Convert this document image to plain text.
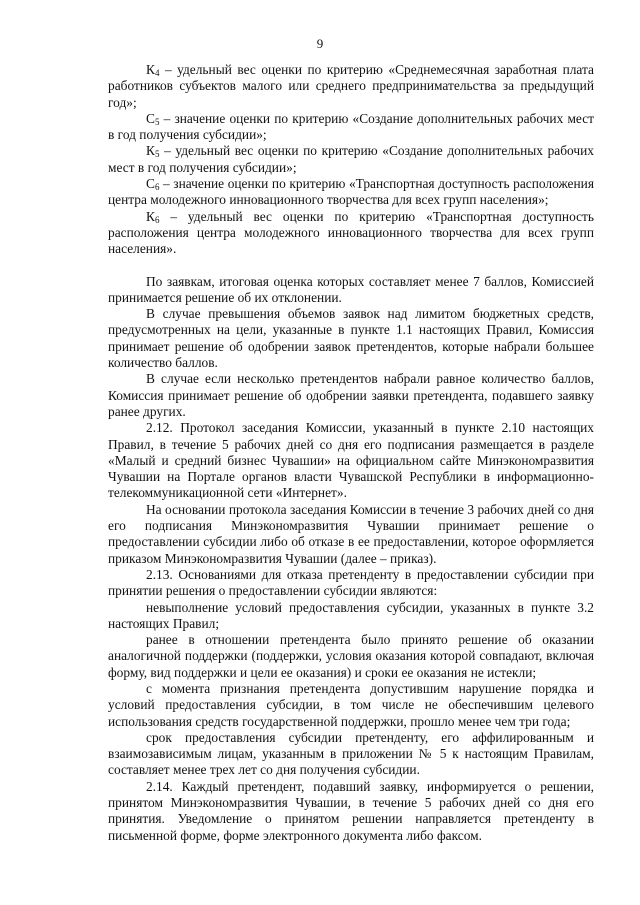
9

$К_4$ – удельный вес оценки по критерию «Среднемесячная заработная плата работников субъектов малого или среднего предпринимательства за предыдущий год»;

$С_5$ – значение оценки по критерию «Создание дополнительных рабочих мест в год получения субсидии»;

$К_5$ – удельный вес оценки по критерию «Создание дополнительных рабочих мест в год получения субсидии»;

$С_6$ – значение оценки по критерию «Транспортная доступность расположения центра молодежного инновационного творчества для всех групп населения»;

$К_6$ – удельный вес оценки по критерию «Транспортная доступность расположения центра молодежного инновационного творчества для всех групп населения».

По заявкам, итоговая оценка которых составляет менее 7 баллов, Комиссией принимается решение об их отклонении.

В случае превышения объемов заявок над лимитом бюджетных средств, предусмотренных на цели, указанные в пункте 1.1 настоящих Правил, Комиссия принимает решение об одобрении заявок претендентов, которые набрали большее количество баллов.

В случае если несколько претендентов набрали равное количество баллов, Комиссия принимает решение об одобрении заявки претендента, подавшего заявку ранее других.

2.12. Протокол заседания Комиссии, указанный в пункте 2.10 настоящих Правил, в течение 5 рабочих дней со дня его подписания размещается в разделе «Малый и средний бизнес Чувашии» на официальном сайте Минэкономразвития Чувашии на Портале органов власти Чувашской Республики в информационно-телекоммуникационной сети «Интернет».

На основании протокола заседания Комиссии в течение 3 рабочих дней со дня его подписания Минэкономразвития Чувашии принимает решение о предоставлении субсидии либо об отказе в ее предоставлении, которое оформляется приказом Минэкономразвития Чувашии (далее – приказ).

2.13. Основаниями для отказа претенденту в предоставлении субсидии при принятии решения о предоставлении субсидии являются:

невыполнение условий предоставления субсидии, указанных в пункте 3.2 настоящих Правил;

ранее в отношении претендента было принято решение об оказании аналогичной поддержки (поддержки, условия оказания которой совпадают, включая форму, вид поддержки и цели ее оказания) и сроки ее оказания не истекли;

с момента признания претендента допустившим нарушение порядка и условий предоставления субсидии, в том числе не обеспечившим целевого использования средств государственной поддержки, прошло менее чем три года;

срок предоставления субсидии претенденту, его аффилированным и взаимозависимым лицам, указанным в приложении № 5 к настоящим Правилам, составляет менее трех лет со дня получения субсидии.

2.14. Каждый претендент, подавший заявку, информируется о решении, принятом Минэкономразвития Чувашии, в течение 5 рабочих дней со дня его принятия. Уведомление о принятом решении направляется претенденту в письменной форме, форме электронного документа либо факсом.
